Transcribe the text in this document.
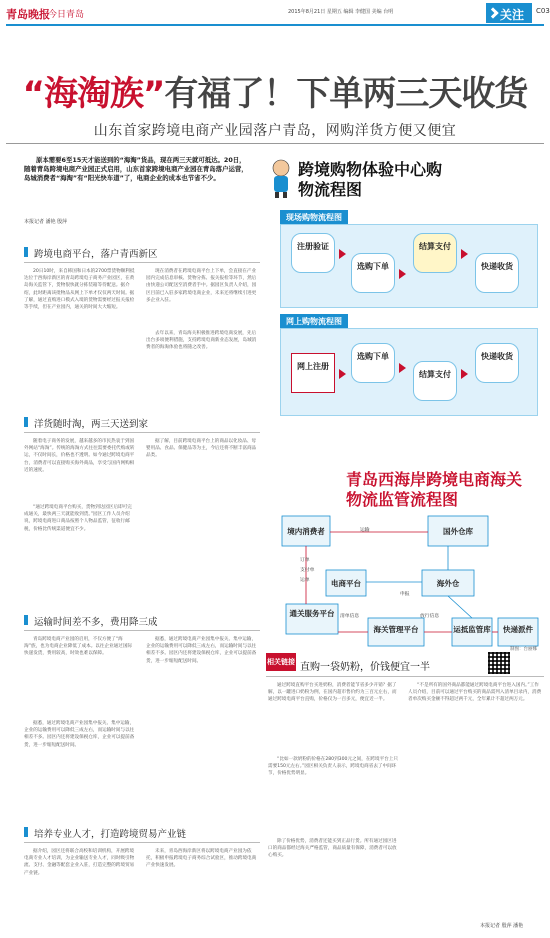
青岛晚报
今日青岛	2015年8月21日 星期五 编辑 李健国 美编 台明	关注	C03
“海淘族”有福了！下单两三天收货
山东首家跨境电商产业园落户青岛，网购洋货方便又便宜

原本需要6至15天才能送到的“海淘”货品，现在两三天就可抵达。20日，随着青岛跨境电商产业园正式启用，山东首家跨境电商产业园在青岛落户运营，岛城消费者“海淘”有“阳光快车道”了，电商企业的成本也节省不少。

本报记者 潘艳 殷萍
跨境电商平台，落户青西新区

20日10时，来自韩国和日本的2700票货物顺利抵达位于西海岸新区的青岛跨境电子商务产业园区，在黄岛海关监管下，货物很快就分拣装箱等待配送。据介绍，此时距离该批物品从网上下单才仅仅两天时间。据了解，通过直购进口模式入境的货物需要经过报关报检等手续，但在产业园内，通关的时间大大缩短。

现在消费者在跨境电商平台上下单，会直接在产业园内完成信息审核、货物分拣、报关报检等环节，然后由快递公司配送至消费者手中。据园区负责人介绍，园区目前已入驻多家跨境电商企业，未来还将继续引进更多企业入驻。

去年以来，青岛海关积极推进跨境电商发展，先后出台多项便利措施，支持跨境电商新业态发展，岛城消费者的海淘体验也将随之改善。

洋货随时淘，两三天送到家

随着电子商务的发展，越来越多的市民热衷于到国外网站“海淘”。传统的海淘方式往往需要委托代购或转运，不仅时间长，价格也不透明。如今通过跨境电商平台，消费者可以直接购买海外商品，享受与国内网购相近的速度。

“通过跨境电商平台购买，货物到达园区后即可完成通关，最快两三天就能收到货。”园区工作人员介绍说，跨境电商进口商品按照个人物品监管，征收行邮税，价格比传统渠道便宜不少。

据了解，目前跨境电商平台上的商品以化妆品、母婴用品、食品、保健品等为主，今后还将不断丰富商品品类。

运输时间差不多，费用降三成

青岛跨境电商产业园的启用，不仅方便了“海淘”族，也为电商企业降低了成本。以往企业通过国际快递发货，费用较高，时效也难以保障。

据悉，通过跨境电商产业园集中报关、集中运输，企业的运输费用可以降低三成左右，而运输时间与以往相差不多。园区内还将建设保税仓库，企业可以提前备货，进一步缩短配送时间。

据悉，通过跨境电商产业园集中报关、集中运输，企业的运输费用可以降低三成左右，而运输时间与以往相差不多。园区内还将建设保税仓库，企业可以提前备货，进一步缩短配送时间。

培养专业人才，打造跨境贸易产业链

据介绍，园区还将联合高校和培训机构，开展跨境电商专业人才培训，为企业输送专业人才，同时吸引物流、支付、金融等配套企业入驻，打造完整的跨境贸易产业链。

未来，青岛西海岸新区将以跨境电商产业园为依托，积极申报跨境电子商务综合试验区，推动跨境电商产业快速发展。

跨境购物体验中心购物流程图
现场购物流程图
注册验证
选购下单
结算支付
快递收货
网上购物流程图
网上注册
选购下单
结算支付
快递收货
青岛西海岸跨境电商海关物流监管流程图
境内消费者	国外仓库
电商平台	海外仓
通关服务平台
海关管理平台	运抵监管库	快递派件
订单
支付单
运单
清单信息	放行信息
运输
申报
制图：台丽娜
相关链接 直购一袋奶粉，价钱便宜一半

通过跨境直购平台买进奶粉，消费者能节省多少开销？据了解，以一罐进口奶粉为例，在国内超市售价约为三百元左右，而通过跨境电商平台直购，价格仅为一百多元，便宜近一半。

“比如一款奶粉的价格在280到300元之间，在跨境平台上只需要150元左右。”园区相关负责人表示，跨境电商省去了中间环节，价格优势明显。

除了价格优势，消费者还能买到正品行货。所有通过园区进口的商品都经过海关严格监管，商品质量有保障，消费者可以放心购买。

“不是所有的国外商品都能通过跨境电商平台进入国内。”工作人员介绍，目前可以通过平台购买的商品需列入清单目录内，消费者单次购买金额不得超过两千元，全年累计不超过两万元。

本报记者 殷萍 潘艳
